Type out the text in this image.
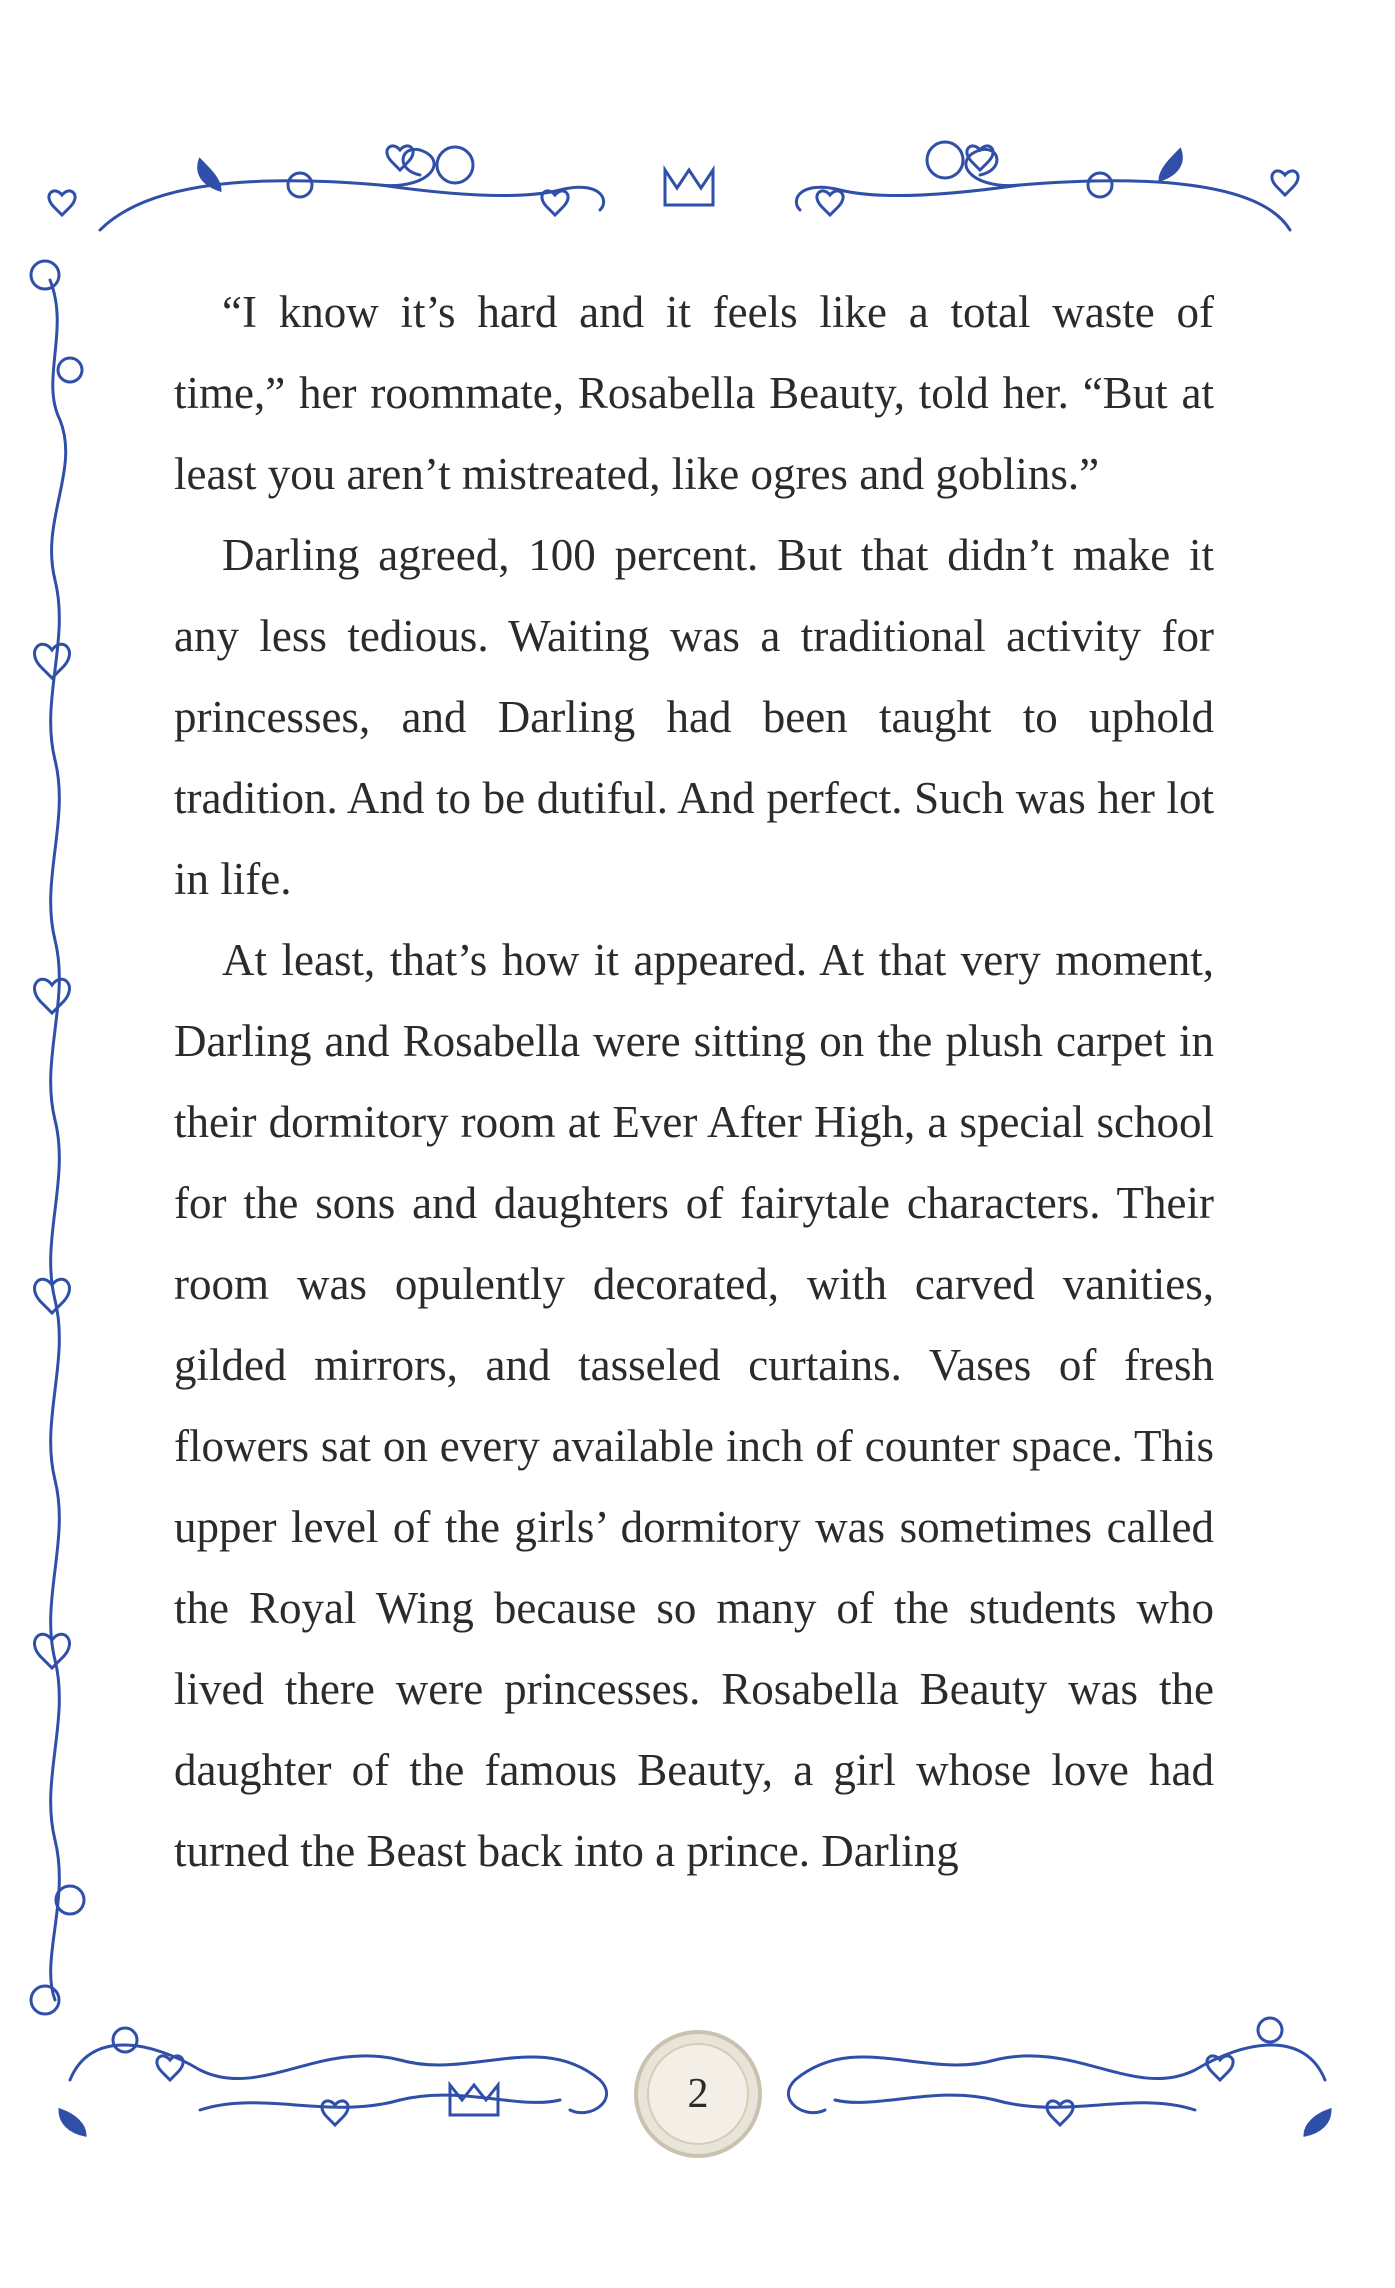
“I know it’s hard and it feels like a total waste of time,” her roommate, Rosabella Beauty, told her. “But at least you aren’t mistreated, like ogres and goblins.”

Darling agreed, 100 percent. But that didn’t make it any less tedious. Waiting was a traditional activity for princesses, and Darling had been taught to uphold tradition. And to be dutiful. And perfect. Such was her lot in life.

At least, that’s how it appeared. At that very moment, Darling and Rosabella were sitting on the plush carpet in their dormitory room at Ever After High, a special school for the sons and daughters of fairytale characters. Their room was opulently decorated, with carved vanities, gilded mirrors, and tasseled curtains. Vases of fresh flowers sat on every available inch of counter space. This upper level of the girls’ dormitory was sometimes called the Royal Wing because so many of the students who lived there were princesses. Rosabella Beauty was the daughter of the famous Beauty, a girl whose love had turned the Beast back into a prince. Darling

2
